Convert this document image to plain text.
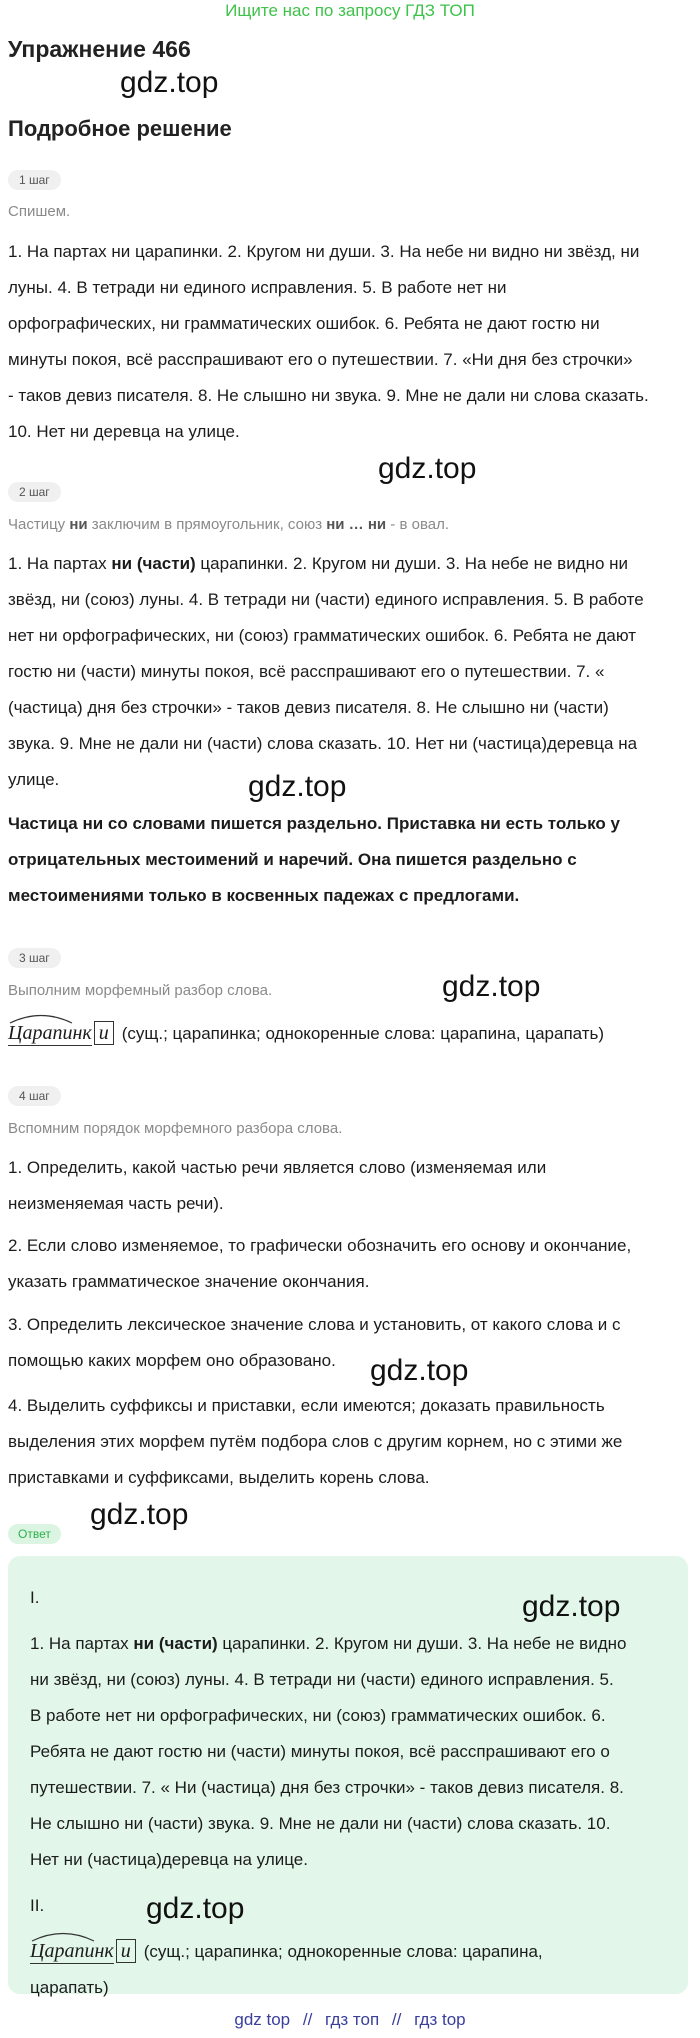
Ищите нас по запросу ГДЗ ТОП
Упражнение 466
gdz.top
Подробное решение
1 шаг
Спишем.
1. На партах ни царапинки. 2. Кругом ни души. 3. На небе ни видно ни звёзд, ни
луны. 4. В тетради ни единого исправления. 5. В работе нет ни
орфографических, ни грамматических ошибок. 6. Ребята не дают гостю ни
минуты покоя, всё расспрашивают его о путешествии. 7. «Ни дня без строчки»
- таков девиз писателя. 8. Не слышно ни звука. 9. Мне не дали ни слова сказать.
10. Нет ни деревца на улице.
gdz.top
2 шаг
Частицу ни заключим в прямоугольник, союз ни … ни - в овал.
1. На партах ни (части) царапинки. 2. Кругом ни души. 3. На небе не видно ни
звёзд, ни (союз) луны. 4. В тетради ни (части) единого исправления. 5. В работе
нет ни орфографических, ни (союз) грамматических ошибок. 6. Ребята не дают
гостю ни (части) минуты покоя, всё расспрашивают его о путешествии. 7. «
(частица) дня без строчки» - таков девиз писателя. 8. Не слышно ни (части)
звука. 9. Мне не дали ни (части) слова сказать. 10. Нет ни (частица)деревца на
улице.	gdz.top
Частица ни со словами пишется раздельно. Приставка ни есть только у
отрицательных местоимений и наречий. Она пишется раздельно с
местоимениями только в косвенных падежах с предлогами.
3 шаг
Выполним морфемный разбор слова.	gdz.top
Царапинк и (сущ.; царапинка; однокоренные слова: царапина, царапать)
4 шаг
Вспомним порядок морфемного разбора слова.
1. Определить, какой частью речи является слово (изменяемая или
неизменяемая часть речи).
2. Если слово изменяемое, то графически обозначить его основу и окончание,
указать грамматическое значение окончания.
3. Определить лексическое значение слова и установить, от какого слова и с
помощью каких морфем оно образовано.	gdz.top
4. Выделить суффиксы и приставки, если имеются; доказать правильность
выделения этих морфем путём подбора слов с другим корнем, но с этими же
приставками и суффиксами, выделить корень слова.
gdz.top
Ответ
I.	gdz.top
1. На партах ни (части) царапинки. 2. Кругом ни души. 3. На небе не видно
ни звёзд, ни (союз) луны. 4. В тетради ни (части) единого исправления. 5.
В работе нет ни орфографических, ни (союз) грамматических ошибок. 6.
Ребята не дают гостю ни (части) минуты покоя, всё расспрашивают его о
путешествии. 7. « Ни (частица) дня без строчки» - таков девиз писателя. 8.
Не слышно ни (части) звука. 9. Мне не дали ни (части) слова сказать. 10.
Нет ни (частица)деревца на улице.
II.	gdz.top
Царапинк и (сущ.; царапинка; однокоренные слова: царапина,
царапать)
gdz top // гдз топ // гдз top
